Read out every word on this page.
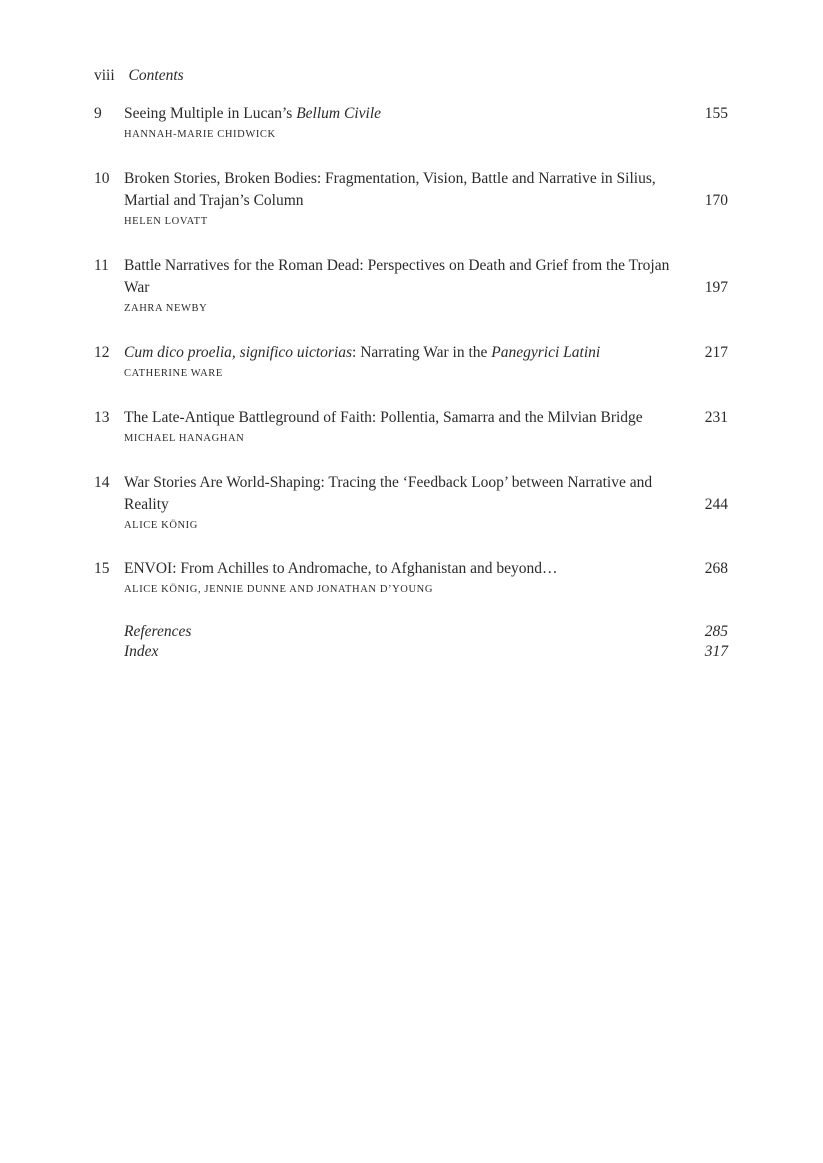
viii Contents
9 Seeing Multiple in Lucan’s Bellum Civile
HANNAH-MARIE CHIDWICK
155
10 Broken Stories, Broken Bodies: Fragmentation, Vision, Battle and Narrative in Silius, Martial and Trajan’s Column
HELEN LOVATT
170
11 Battle Narratives for the Roman Dead: Perspectives on Death and Grief from the Trojan War
ZAHRA NEWBY
197
12 Cum dico proelia, significo uictorias: Narrating War in the Panegyrici Latini
CATHERINE WARE
217
13 The Late-Antique Battleground of Faith: Pollentia, Samarra and the Milvian Bridge
MICHAEL HANAGHAN
231
14 War Stories Are World-Shaping: Tracing the ‘Feedback Loop’ between Narrative and Reality
ALICE KÖNIG
244
15 ENVOI: From Achilles to Andromache, to Afghanistan and beyond…
ALICE KÖNIG, JENNIE DUNNE AND JONATHAN D’YOUNG
268
References	285
Index	317
